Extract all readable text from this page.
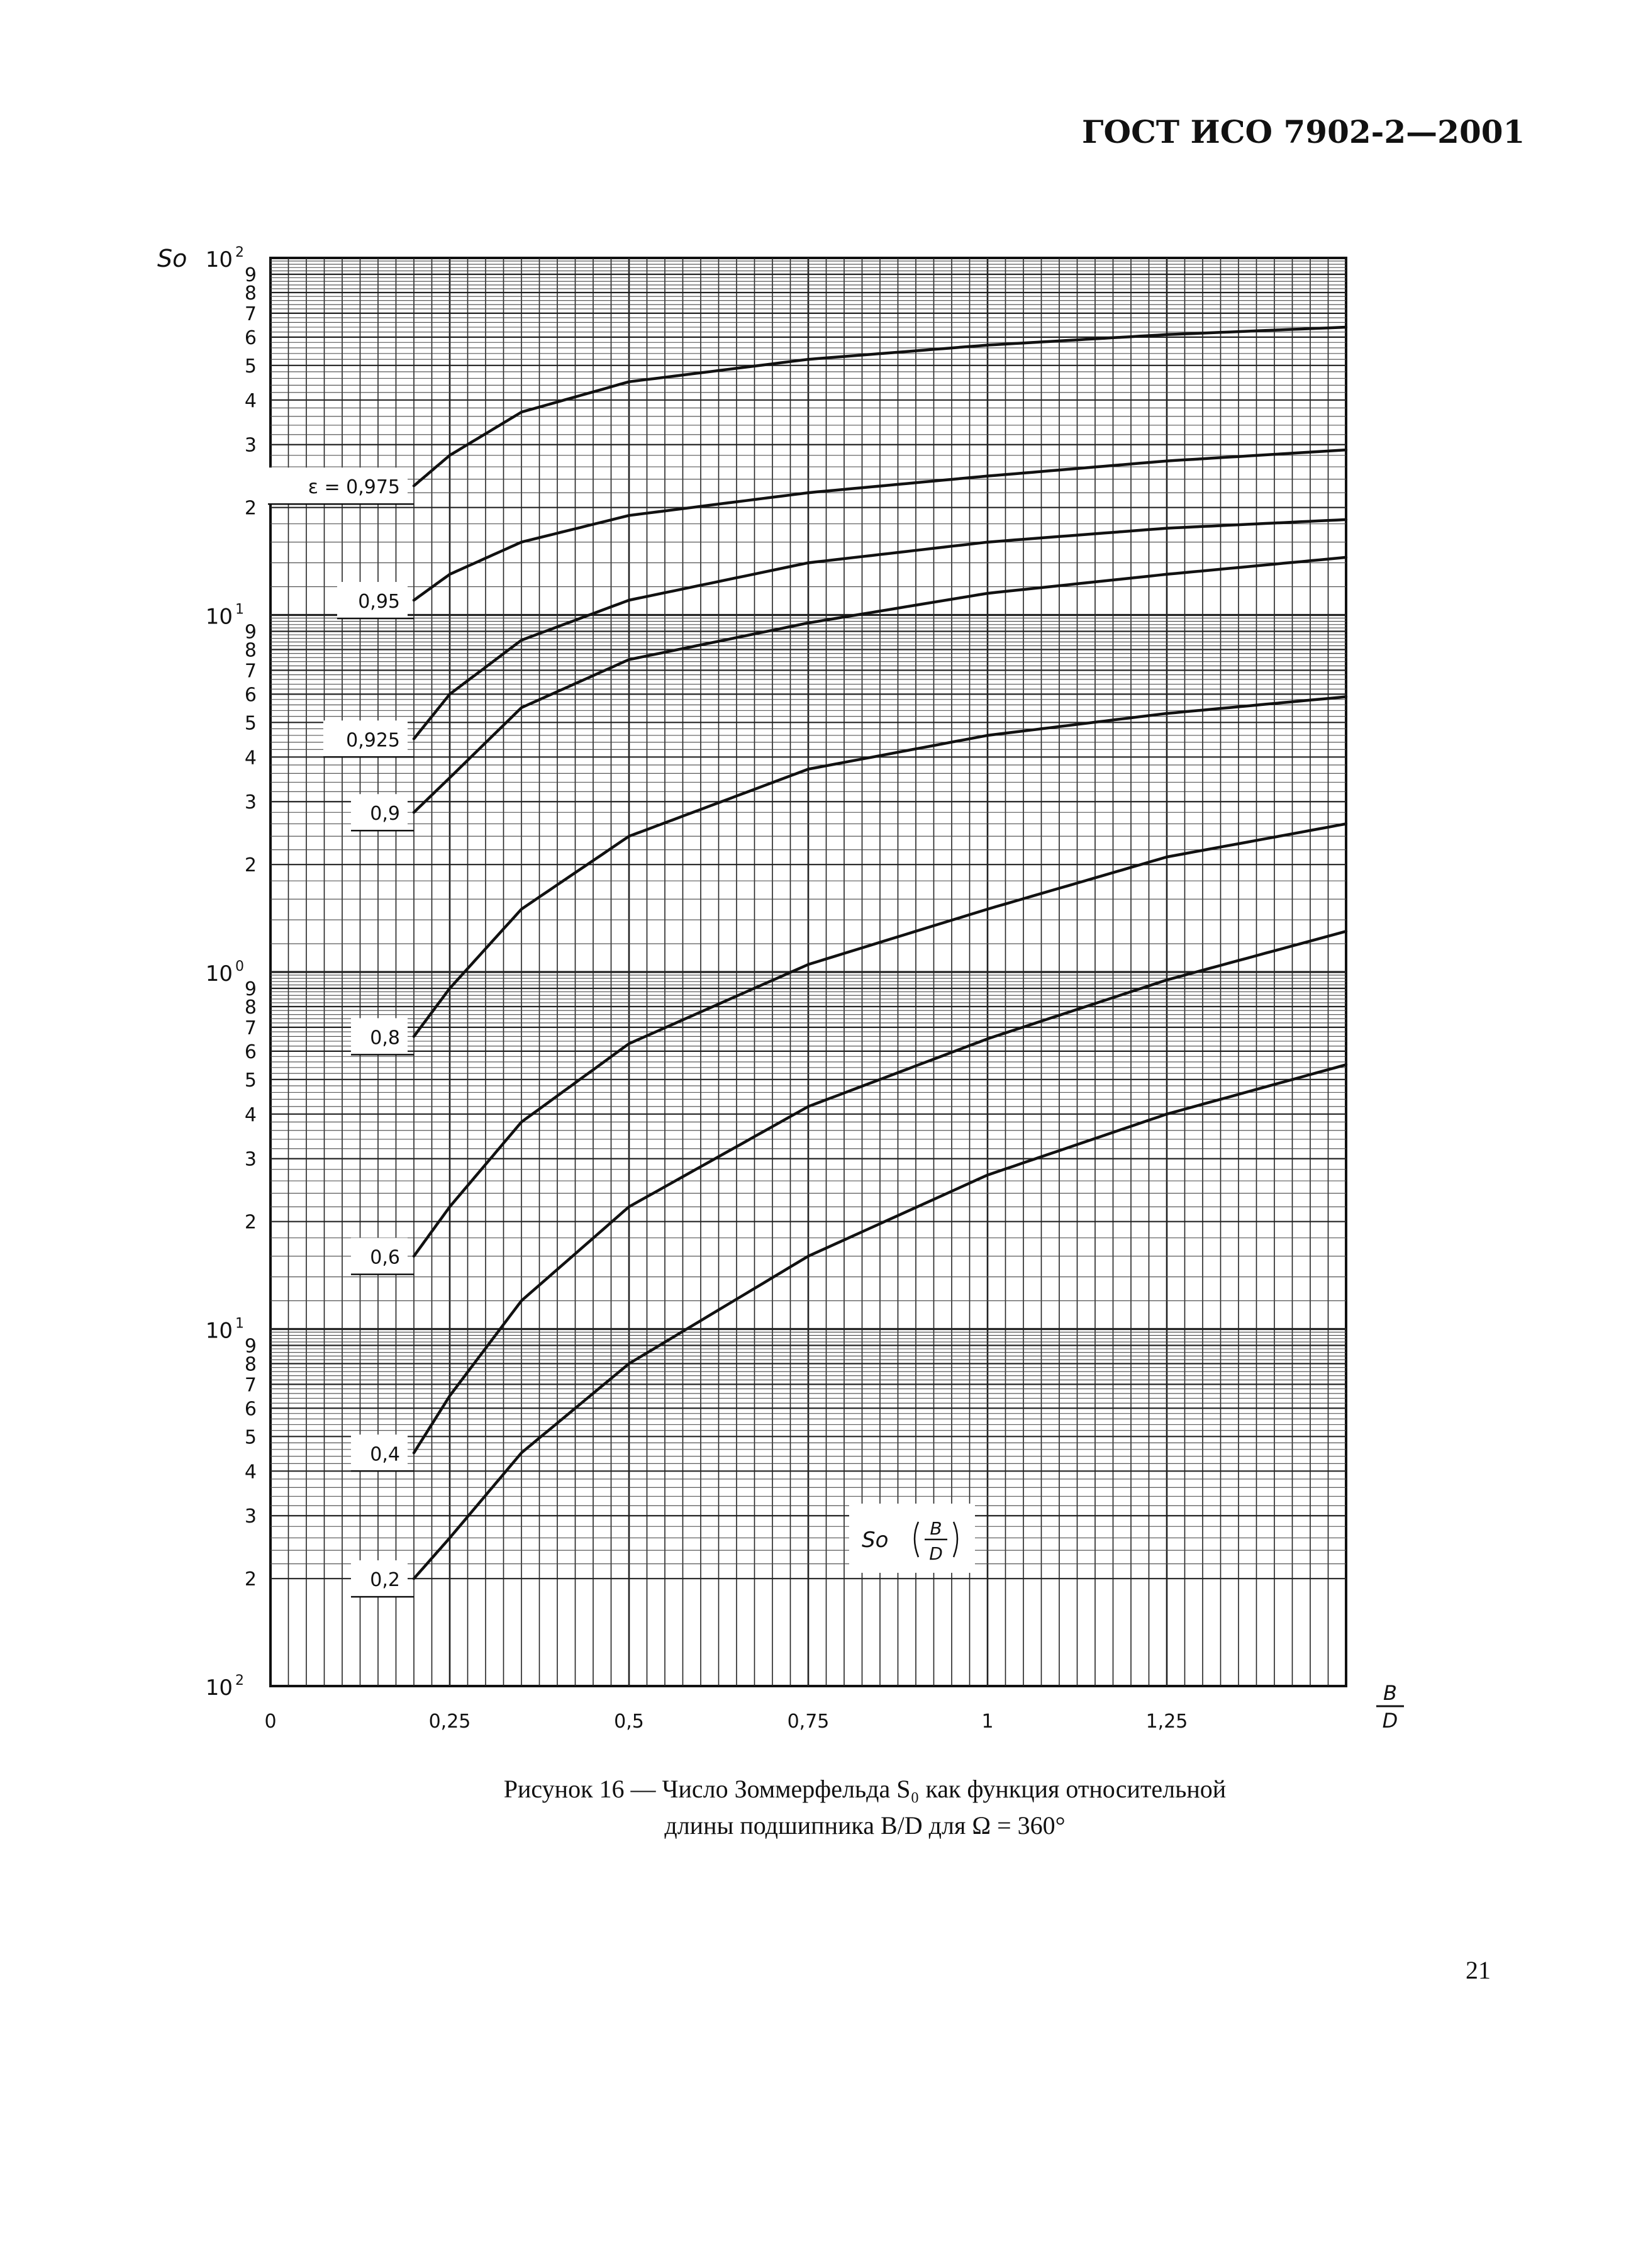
ГОСТ ИСО 7902-2—2001
ε = 0,975
0,95
0,925
0,9
0,8
0,6
0,4
0,2
10 2
10 1
10 0
10 1
10 2
2
3
4
5
6
7
8
9
2
3
4
5
6
7
8
9
2
3
4
5
6
7
8
9
2
3
4
5
6
7
8
9
0	0,25	0,5	0,75	1	1,25
So
B
D
So B
D
Рисунок 16 — Число Зоммерфельда S₀ как функция относительной
длины подшипника B/D для Ω = 360°
21
